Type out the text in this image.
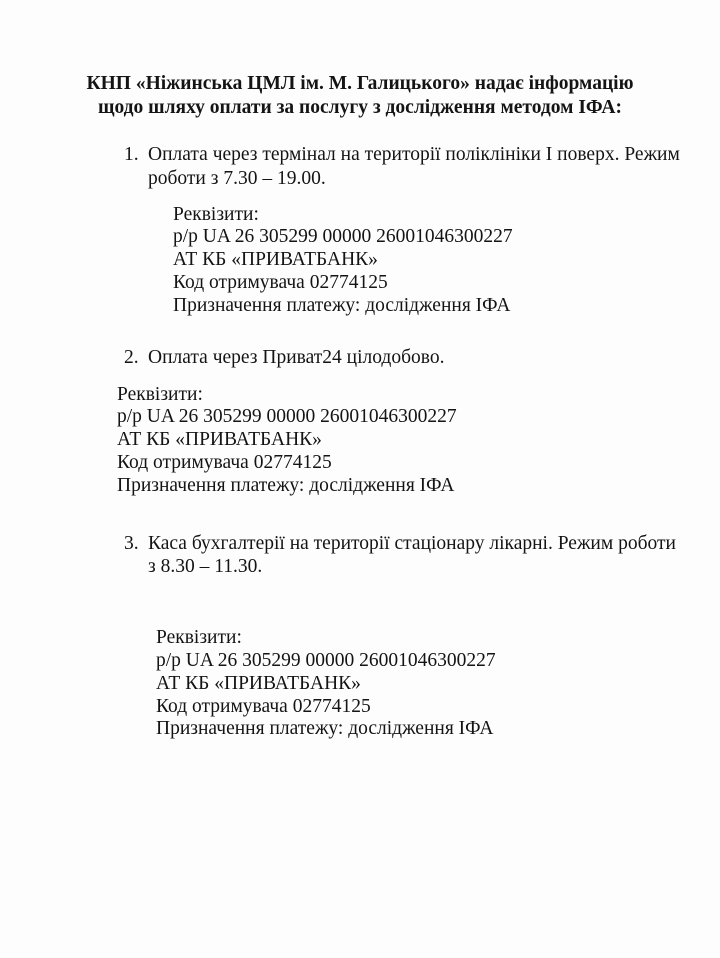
КНП «Ніжинська ЦМЛ ім. М. Галицького» надає інформацію

щодо шляху оплати за послугу з дослідження методом ІФА:

1. Оплата через термінал на території поліклініки І поверх. Режим

роботи з 7.30 – 19.00.

Реквізити:

р/р UA 26 305299 00000 26001046300227

АТ КБ «ПРИВАТБАНК»

Код отримувача 02774125

Призначення платежу: дослідження ІФА

2. Оплата через Приват24 цілодобово.

Реквізити:

р/р UA 26 305299 00000 26001046300227

АТ КБ «ПРИВАТБАНК»

Код отримувача 02774125

Призначення платежу: дослідження ІФА

3. Каса бухгалтерії на території стаціонару лікарні. Режим роботи

з 8.30 – 11.30.

Реквізити:

р/р UA 26 305299 00000 26001046300227

АТ КБ «ПРИВАТБАНК»

Код отримувача 02774125

Призначення платежу: дослідження ІФА
